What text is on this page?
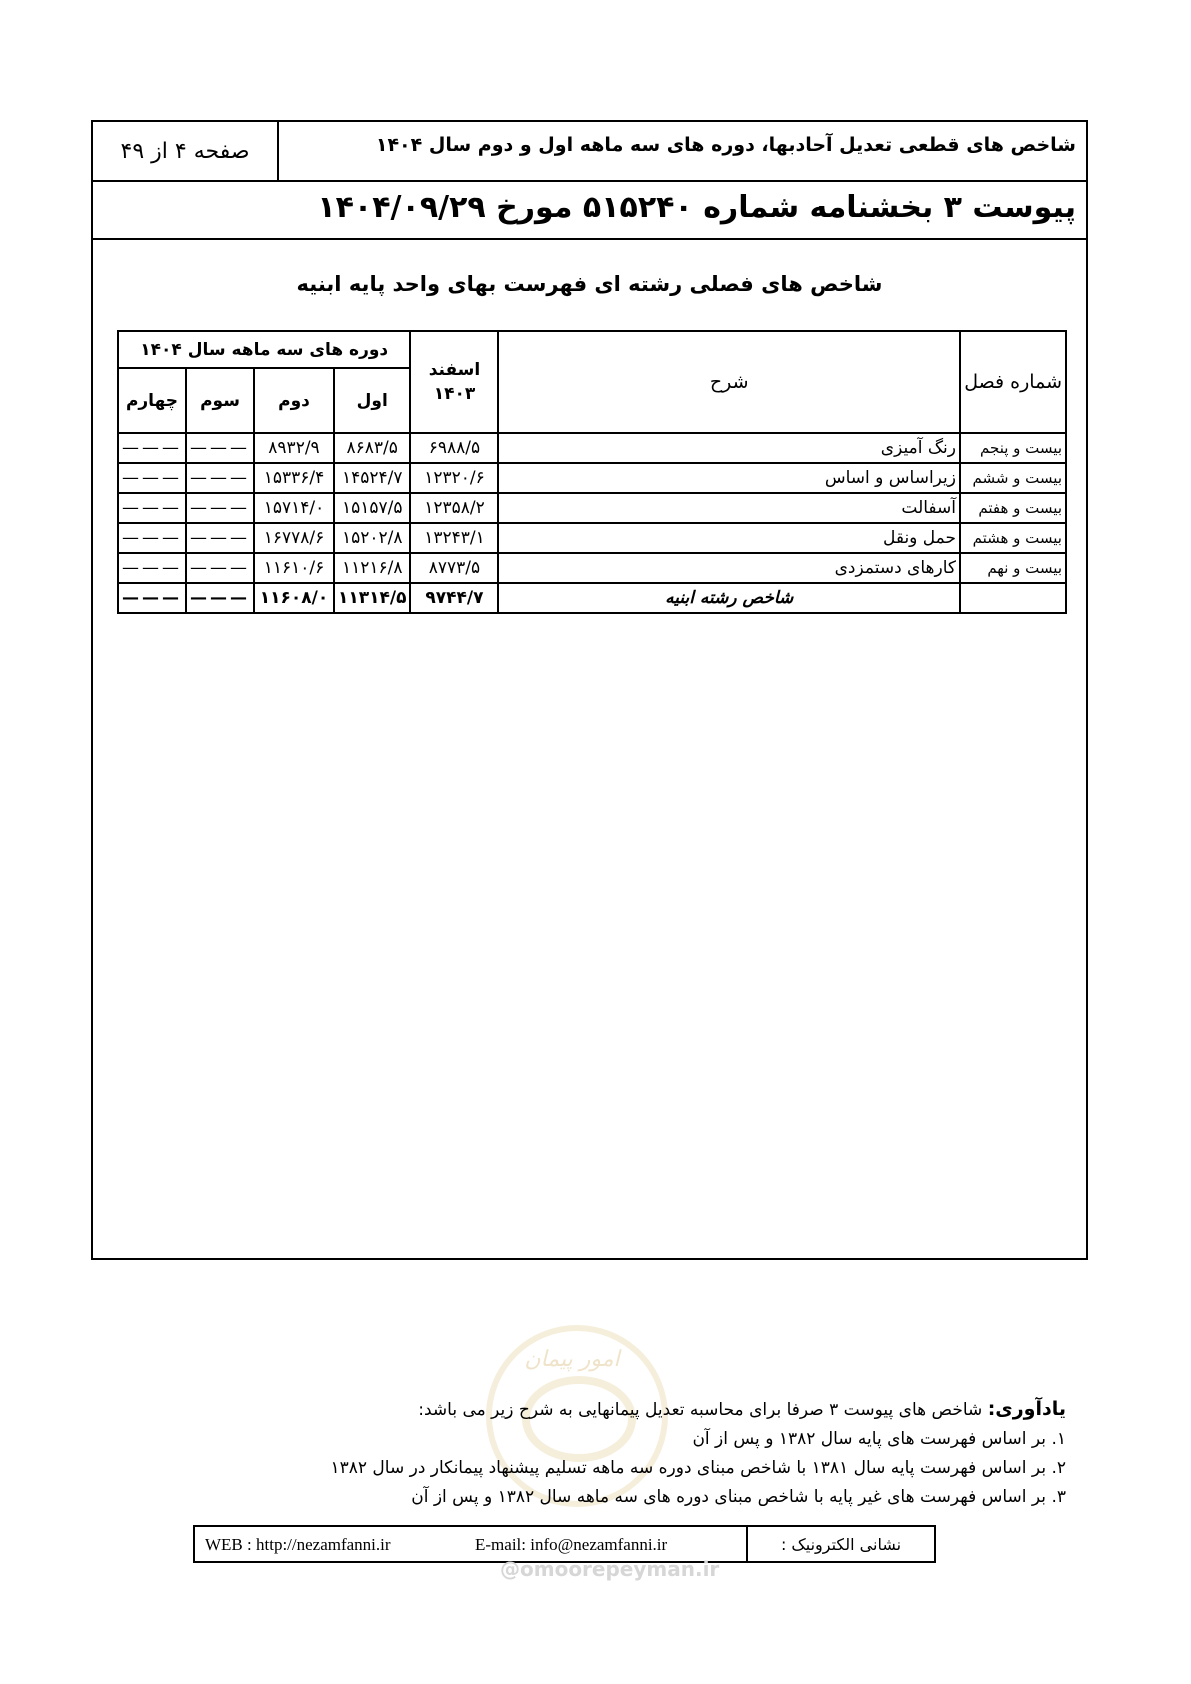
شاخص های قطعی تعدیل آحادبها، دوره های سه ماهه اول و دوم سال ۱۴۰۴
صفحه ۴ از ۴۹
پیوست ۳ بخشنامه شماره ۵۱۵۲۴۰ مورخ ۱۴۰۴/۰۹/۲۹
شاخص های فصلی رشته ای فهرست بهای واحد پایه ابنیه
شماره فصل	شرح	اسفند ۱۴۰۳	دوره های سه ماهه سال ۱۴۰۴			
			اول	دوم	سوم	چهارم
بیست و پنجم	رنگ آمیزی	۶۹۸۸/۵	۸۶۸۳/۵	۸۹۳۲/۹	———	———
بیست و ششم	زیراساس و اساس	۱۲۳۲۰/۶	۱۴۵۲۴/۷	۱۵۳۳۶/۴	———	———
بیست و هفتم	آسفالت	۱۲۳۵۸/۲	۱۵۱۵۷/۵	۱۵۷۱۴/۰	———	———
بیست و هشتم	حمل ونقل	۱۳۲۴۳/۱	۱۵۲۰۲/۸	۱۶۷۷۸/۶	———	———
بیست و نهم	کارهای دستمزدی	۸۷۷۳/۵	۱۱۲۱۶/۸	۱۱۶۱۰/۶	———	———
	شاخص رشته ابنیه	۹۷۴۴/۷	۱۱۳۱۴/۵	۱۱۶۰۸/۰	———	———
امور پیمان
یادآوری: شاخص های پیوست ۳ صرفا برای محاسبه تعدیل پیمانهایی به شرح زیر می باشد:
۱. بر اساس فهرست های پایه سال ۱۳۸۲ و پس از آن
۲. بر اساس فهرست پایه سال ۱۳۸۱ با شاخص مبنای دوره سه ماهه تسلیم پیشنهاد پیمانکار در سال ۱۳۸۲
۳. بر اساس فهرست های غیر پایه با شاخص مبنای دوره های سه ماهه سال ۱۳۸۲ و پس از آن
نشانی الکترونیک :
WEB : http://nezamfanni.ir	E-mail: info@nezamfanni.ir
@omoorepeyman.ir
